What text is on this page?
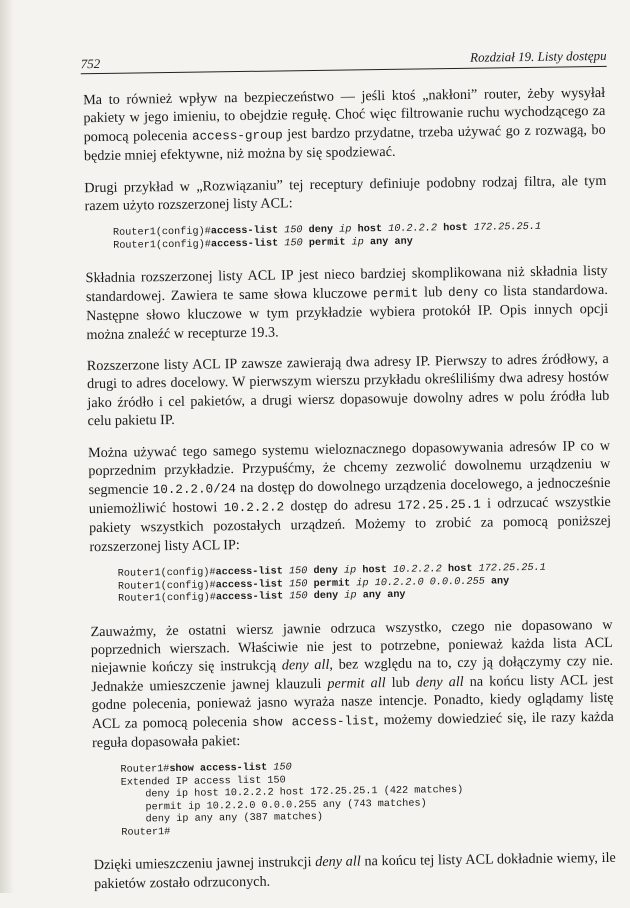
752	Rozdział 19. Listy dostępu

Ma to również wpływ na bezpieczeństwo — jeśli ktoś „nakłoni” router, żeby wysyłał pakiety w jego imieniu, to obejdzie regułę. Choć więc filtrowanie ruchu wychodzącego za pomocą polecenia access-group jest bardzo przydatne, trzeba używać go z rozwagą, bo będzie mniej efektywne, niż można by się spodziewać.

Drugi przykład w „Rozwiązaniu” tej receptury definiuje podobny rodzaj filtra, ale tym razem użyto rozszerzonej listy ACL:

Router1(config)#access-list 150 deny ip host 10.2.2.2 host 172.25.25.1
Router1(config)#access-list 150 permit ip any any

Składnia rozszerzonej listy ACL IP jest nieco bardziej skomplikowana niż składnia listy standardowej. Zawiera te same słowa kluczowe permit lub deny co lista standardowa. Następne słowo kluczowe w tym przykładzie wybiera protokół IP. Opis innych opcji można znaleźć w recepturze 19.3.

Rozszerzone listy ACL IP zawsze zawierają dwa adresy IP. Pierwszy to adres źródłowy, a drugi to adres docelowy. W pierwszym wierszu przykładu określiliśmy dwa adresy hostów jako źródło i cel pakietów, a drugi wiersz dopasowuje dowolny adres w polu źródła lub celu pakietu IP.

Można używać tego samego systemu wieloznacznego dopasowywania adresów IP co w poprzednim przykładzie. Przypuśćmy, że chcemy zezwolić dowolnemu urządzeniu w segmencie 10.2.2.0/24 na dostęp do dowolnego urządzenia docelowego, a jednocześnie uniemożliwić hostowi 10.2.2.2 dostęp do adresu 172.25.25.1 i odrzucać wszystkie pakiety wszystkich pozostałych urządzeń. Możemy to zrobić za pomocą poniższej rozszerzonej listy ACL IP:

Router1(config)#access-list 150 deny ip host 10.2.2.2 host 172.25.25.1
Router1(config)#access-list 150 permit ip 10.2.2.0 0.0.0.255 any
Router1(config)#access-list 150 deny ip any any

Zauważmy, że ostatni wiersz jawnie odrzuca wszystko, czego nie dopasowano w poprzednich wierszach. Właściwie nie jest to potrzebne, ponieważ każda lista ACL niejawnie kończy się instrukcją deny all, bez względu na to, czy ją dołączymy czy nie. Jednakże umieszczenie jawnej klauzuli permit all lub deny all na końcu listy ACL jest godne polecenia, ponieważ jasno wyraża nasze intencje. Ponadto, kiedy oglądamy listę ACL za pomocą polecenia show access-list, możemy dowiedzieć się, ile razy każda reguła dopasowała pakiet:

Router1#show access-list 150
Extended IP access list 150
deny ip host 10.2.2.2 host 172.25.25.1 (422 matches)
permit ip 10.2.2.0 0.0.0.255 any (743 matches)
deny ip any any (387 matches)
Router1#

Dzięki umieszczeniu jawnej instrukcji deny all na końcu tej listy ACL dokładnie wiemy, ile pakietów zostało odrzuconych.
